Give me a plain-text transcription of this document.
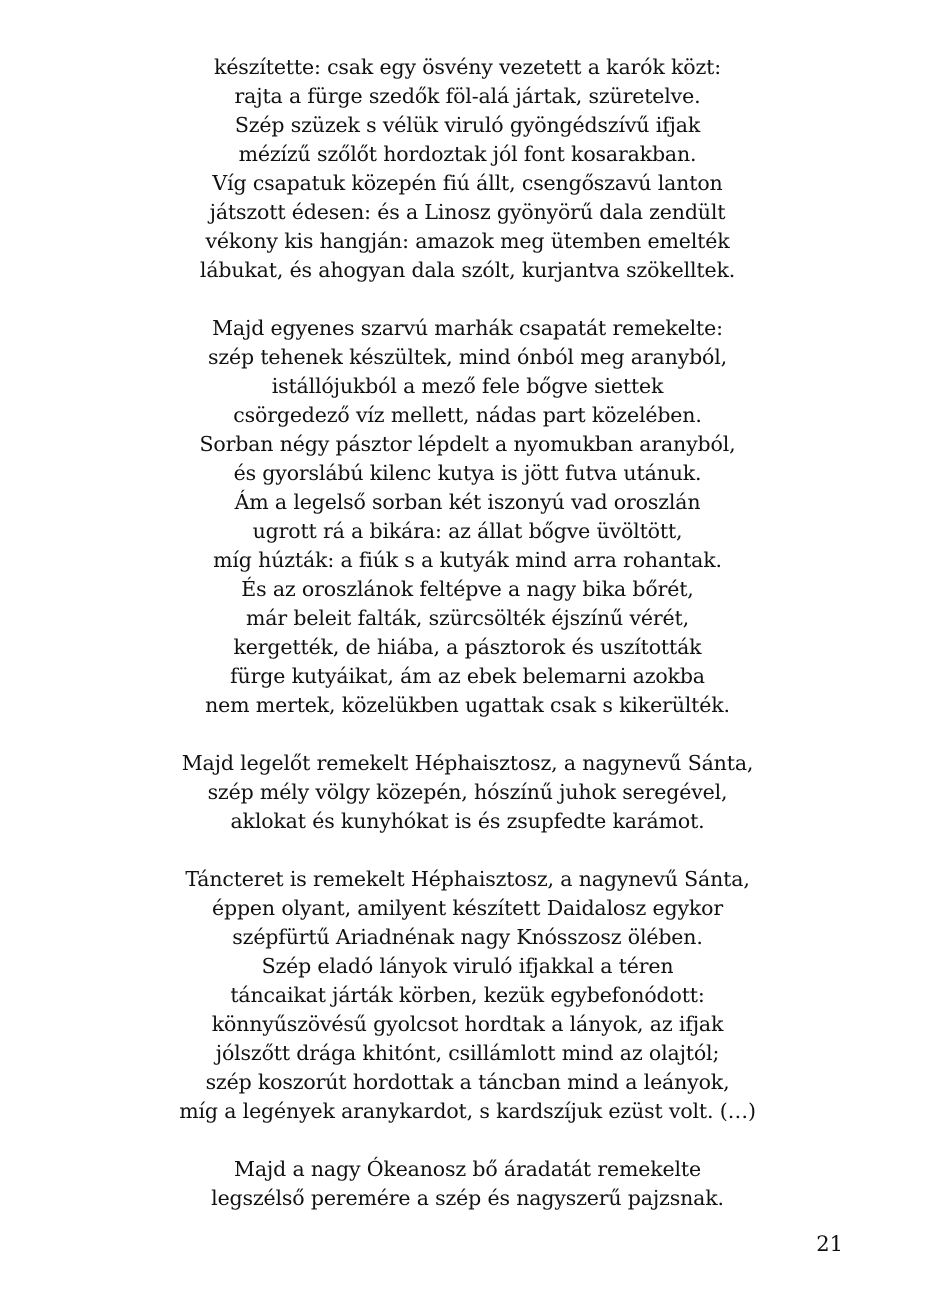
készítette: csak egy ösvény vezetett a karók közt:
rajta a fürge szedők föl-alá jártak, szüretelve.
Szép szüzek s vélük viruló gyöngédszívű ifjak
mézízű szőlőt hordoztak jól font kosarakban.
Víg csapatuk közepén fiú állt, csengőszavú lanton
játszott édesen: és a Linosz gyönyörű dala zendült
vékony kis hangján: amazok meg ütemben emelték
lábukat, és ahogyan dala szólt, kurjantva szökelltek.
Majd egyenes szarvú marhák csapatát remekelte:
szép tehenek készültek, mind ónból meg aranyból,
istállójukból a mező fele bőgve siettek
csörgedező víz mellett, nádas part közelében.
Sorban négy pásztor lépdelt a nyomukban aranyból,
és gyorslábú kilenc kutya is jött futva utánuk.
Ám a legelső sorban két iszonyú vad oroszlán
ugrott rá a bikára: az állat bőgve üvöltött,
míg húzták: a fiúk s a kutyák mind arra rohantak.
És az oroszlánok feltépve a nagy bika bőrét,
már beleit falták, szürcsölték éjszínű vérét,
kergették, de hiába, a pásztorok és uszították
fürge kutyáikat, ám az ebek belemarni azokba
nem mertek, közelükben ugattak csak s kikerülték.
Majd legelőt remekelt Héphaisztosz, a nagynevű Sánta,
szép mély völgy közepén, hószínű juhok seregével,
aklokat és kunyhókat is és zsupfedte karámot.
Táncteret is remekelt Héphaisztosz, a nagynevű Sánta,
éppen olyant, amilyent készített Daidalosz egykor
szépfürtű Ariadnénak nagy Knósszosz ölében.
Szép eladó lányok viruló ifjakkal a téren
táncaikat járták körben, kezük egybefonódott:
könnyűszövésű gyolcsot hordtak a lányok, az ifjak
jólszőtt drága khitónt, csillámlott mind az olajtól;
szép koszorút hordottak a táncban mind a leányok,
míg a legények aranykardot, s kardszíjuk ezüst volt. (…)
Majd a nagy Ókeanosz bő áradatát remekelte
legszélső peremére a szép és nagyszerű pajzsnak.
21
